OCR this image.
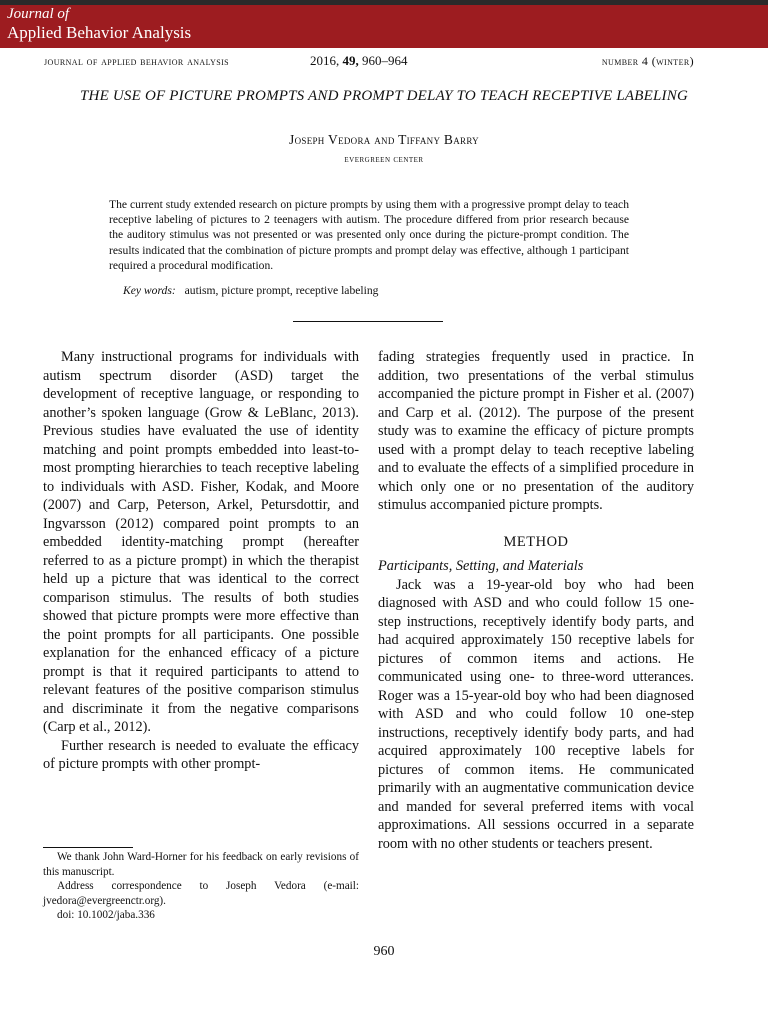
Journal of
Applied Behavior Analysis
journal of applied behavior analysis	2016, 49, 960–964	number 4 (winter)
THE USE OF PICTURE PROMPTS AND PROMPT DELAY TO TEACH RECEPTIVE LABELING
Joseph Vedora and Tiffany Barry
evergreen center
The current study extended research on picture prompts by using them with a progressive prompt delay to teach receptive labeling of pictures to 2 teenagers with autism. The procedure differed from prior research because the auditory stimulus was not presented or was presented only once during the picture-prompt condition. The results indicated that the combination of picture prompts and prompt delay was effective, although 1 participant required a procedural modification.
Key words: autism, picture prompt, receptive labeling

Many instructional programs for individuals with autism spectrum disorder (ASD) target the development of receptive language, or responding to another’s spoken language (Grow & LeBlanc, 2013). Previous studies have evaluated the use of identity matching and point prompts embedded into least-to-most prompting hierarchies to teach receptive labeling to individuals with ASD. Fisher, Kodak, and Moore (2007) and Carp, Peterson, Arkel, Petursdottir, and Ingvarsson (2012) compared point prompts to an embedded identity-matching prompt (hereafter referred to as a picture prompt) in which the therapist held up a picture that was identical to the correct comparison stimulus. The results of both studies showed that picture prompts were more effective than the point prompts for all participants. One possible explanation for the enhanced efficacy of a picture prompt is that it required participants to attend to relevant features of the positive comparison stimulus and discriminate it from the negative comparisons (Carp et al., 2012).

Further research is needed to evaluate the efficacy of picture prompts with other prompt-

fading strategies frequently used in practice. In addition, two presentations of the verbal stimulus accompanied the picture prompt in Fisher et al. (2007) and Carp et al. (2012). The purpose of the present study was to examine the efficacy of picture prompts used with a prompt delay to teach receptive labeling and to evaluate the effects of a simplified procedure in which only one or no presentation of the auditory stimulus accompanied picture prompts.

METHOD

Participants, Setting, and Materials

Jack was a 19-year-old boy who had been diagnosed with ASD and who could follow 15 one-step instructions, receptively identify body parts, and had acquired approximately 150 receptive labels for pictures of common items and actions. He communicated using one- to three-word utterances. Roger was a 15-year-old boy who had been diagnosed with ASD and who could follow 10 one-step instructions, receptively identify body parts, and had acquired approximately 100 receptive labels for pictures of common items. He communicated primarily with an augmentative communication device and manded for several preferred items with vocal approximations. All sessions occurred in a separate room with no other students or teachers present.

We thank John Ward-Horner for his feedback on early revisions of this manuscript.

Address correspondence to Joseph Vedora (e-mail: jvedora@evergreenctr.org).

doi: 10.1002/jaba.336

960
